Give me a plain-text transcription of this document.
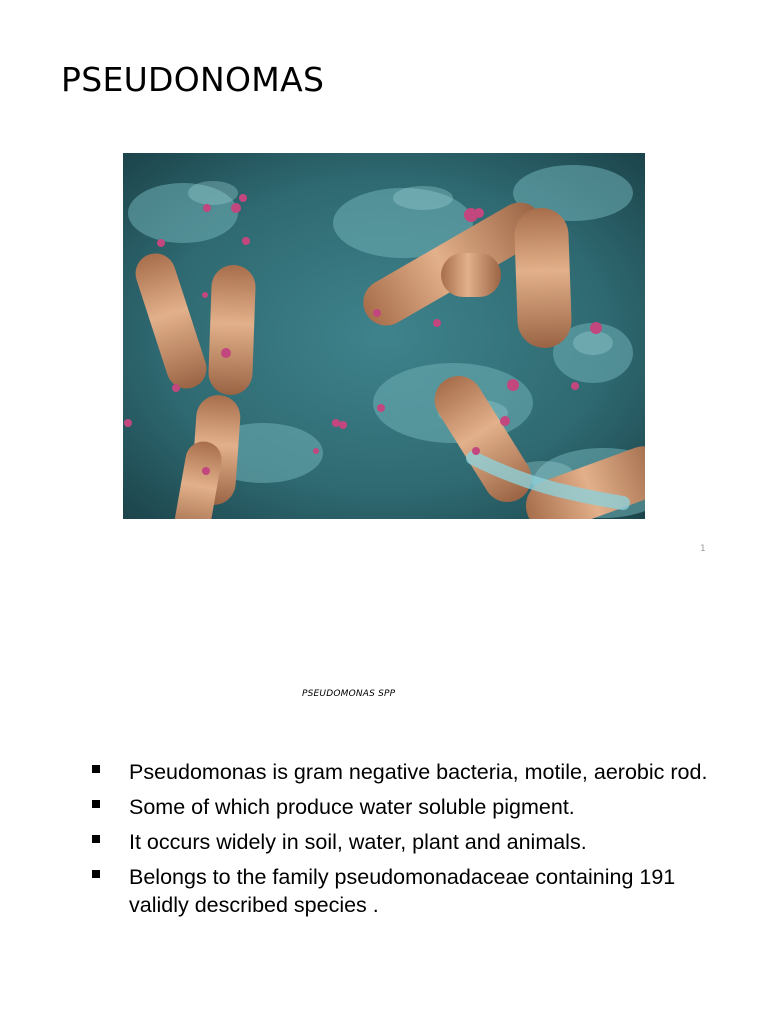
PSEUDONOMAS
1
PSEUDOMONAS SPP
Pseudomonas is gram negative bacteria, motile, aerobic rod.
Some of which produce water soluble pigment.
It occurs widely in soil, water, plant and animals.
Belongs to the family pseudomonadaceae containing 191 validly described species .
